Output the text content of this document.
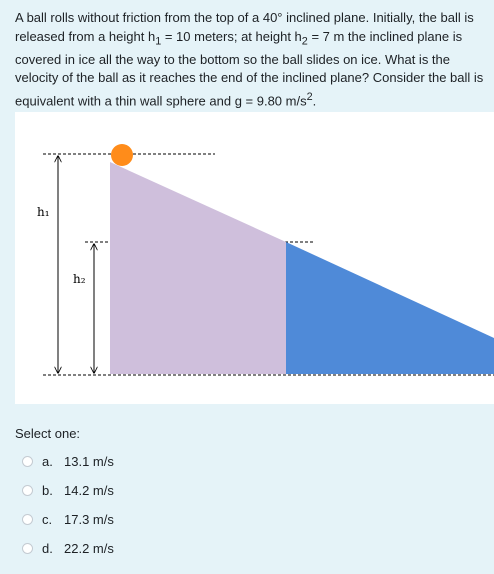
A ball rolls without friction from the top of a 40° inclined plane. Initially, the ball is released from a height $h_1 = 10$ meters; at height $h_2 = 7$ m the inclined plane is covered in ice all the way to the bottom so the ball slides on ice. What is the velocity of the ball as it reaches the end of the inclined plane? Consider the ball is equivalent with a thin wall sphere and g = 9.80 $m/s^2$.

h₁
h₂
Select one:
a. 13.1 m/s
b. 14.2 m/s
c. 17.3 m/s
d. 22.2 m/s
